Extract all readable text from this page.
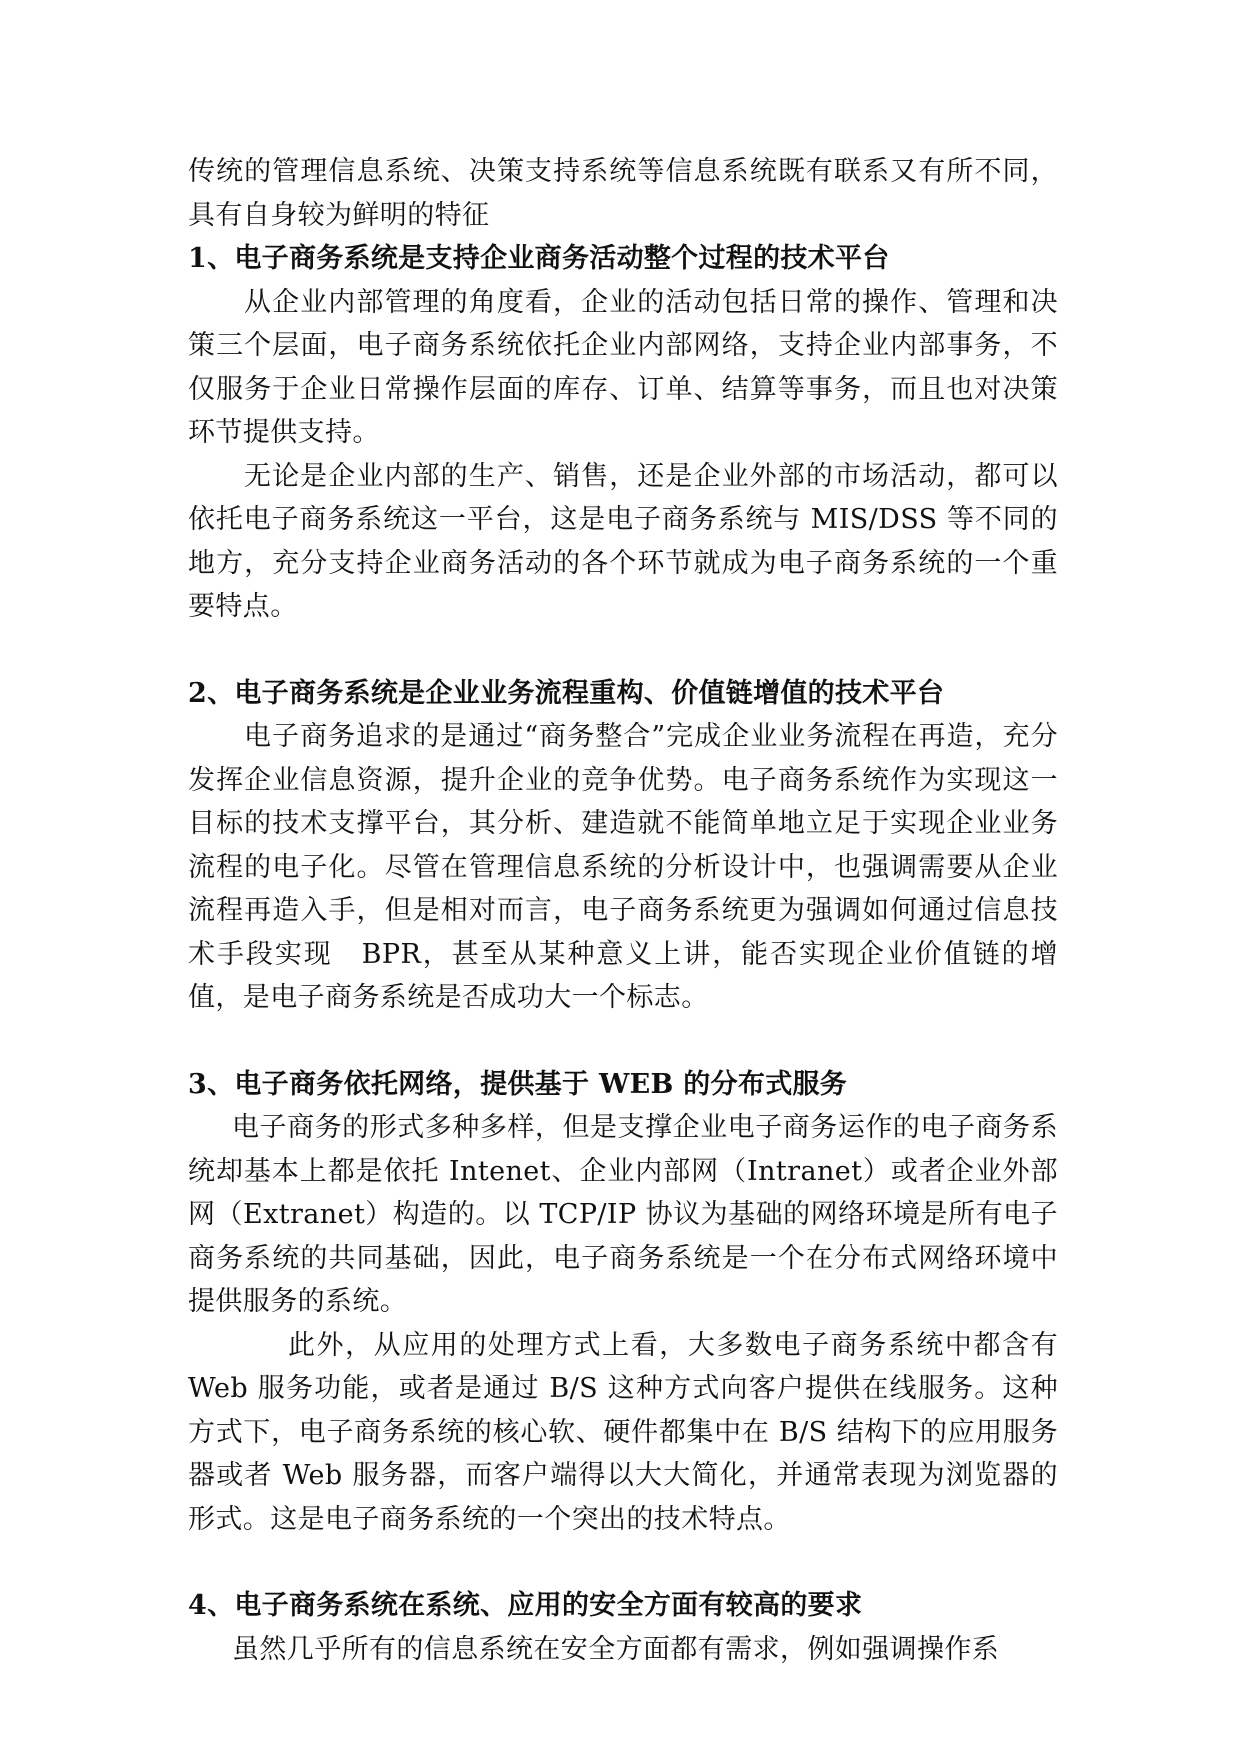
传统的管理信息系统、决策支持系统等信息系统既有联系又有所不同，具有自身较为鲜明的特征

1、电子商务系统是支持企业商务活动整个过程的技术平台

从企业内部管理的角度看，企业的活动包括日常的操作、管理和决策三个层面，电子商务系统依托企业内部网络，支持企业内部事务，不仅服务于企业日常操作层面的库存、订单、结算等事务，而且也对决策环节提供支持。

无论是企业内部的生产、销售，还是企业外部的市场活动，都可以依托电子商务系统这一平台，这是电子商务系统与 MIS/DSS 等不同的地方，充分支持企业商务活动的各个环节就成为电子商务系统的一个重要特点。

2、电子商务系统是企业业务流程重构、价值链增值的技术平台

电子商务追求的是通过“商务整合”完成企业业务流程在再造，充分发挥企业信息资源，提升企业的竞争优势。电子商务系统作为实现这一目标的技术支撑平台，其分析、建造就不能简单地立足于实现企业业务流程的电子化。尽管在管理信息系统的分析设计中，也强调需要从企业流程再造入手，但是相对而言，电子商务系统更为强调如何通过信息技术手段实现　BPR，甚至从某种意义上讲，能否实现企业价值链的增值，是电子商务系统是否成功大一个标志。

3、电子商务依托网络，提供基于 WEB 的分布式服务

电子商务的形式多种多样，但是支撑企业电子商务运作的电子商务系统却基本上都是依托 Intenet、企业内部网（Intranet）或者企业外部网（Extranet）构造的。以 TCP/IP 协议为基础的网络环境是所有电子商务系统的共同基础，因此，电子商务系统是一个在分布式网络环境中提供服务的系统。

此外，从应用的处理方式上看，大多数电子商务系统中都含有 Web 服务功能，或者是通过 B/S 这种方式向客户提供在线服务。这种方式下，电子商务系统的核心软、硬件都集中在 B/S 结构下的应用服务器或者 Web 服务器，而客户端得以大大简化，并通常表现为浏览器的形式。这是电子商务系统的一个突出的技术特点。

4、电子商务系统在系统、应用的安全方面有较高的要求

虽然几乎所有的信息系统在安全方面都有需求，例如强调操作系
